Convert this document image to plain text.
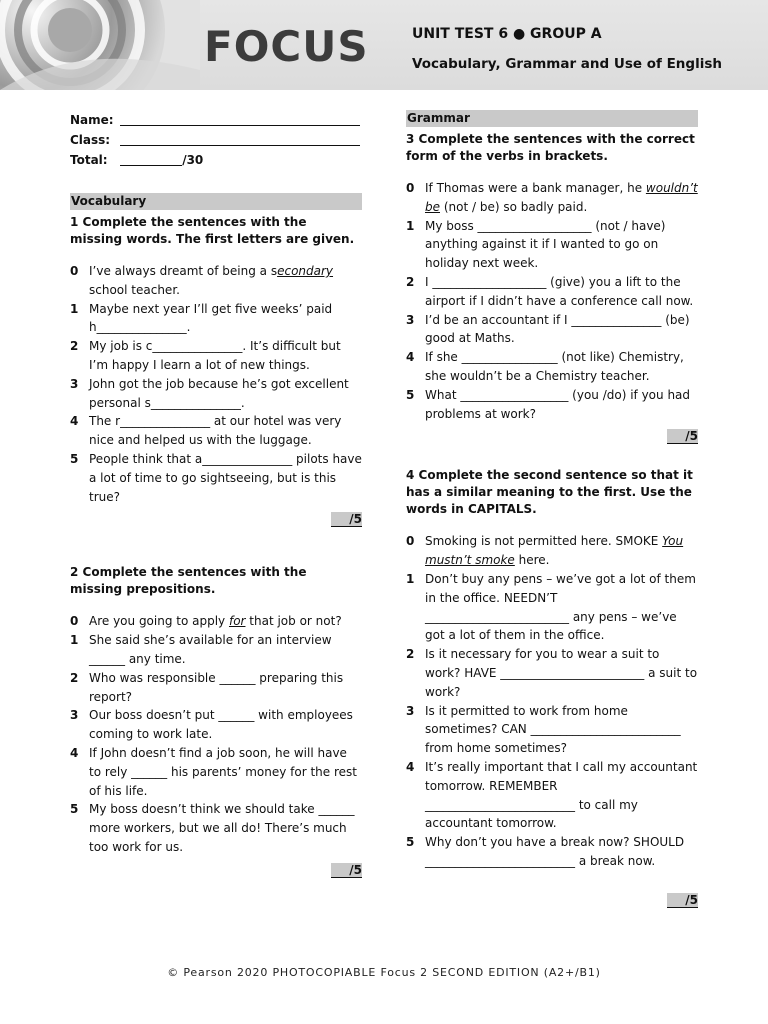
FOCUS	UNIT TEST 6 ● GROUP A
Vocabulary, Grammar and Use of English
Name:
Class:
Total:	/30
Vocabulary
1 Complete the sentences with the missing words. The first letters are given.
0 I’ve always dreamt of being a secondary school teacher.
1 Maybe next year I’ll get five weeks’ paid h_______________.
2 My job is c_______________. It’s difficult but I’m happy I learn a lot of new things.
3 John got the job because he’s got excellent personal s_______________.
4 The r_______________ at our hotel was very nice and helped us with the luggage.
5 People think that a_______________ pilots have a lot of time to go sightseeing, but is this true?
/5
2 Complete the sentences with the missing prepositions.
0 Are you going to apply for that job or not?
1 She said she’s available for an interview ______ any time.
2 Who was responsible ______ preparing this report?
3 Our boss doesn’t put ______ with employees coming to work late.
4 If John doesn’t find a job soon, he will have to rely ______ his parents’ money for the rest of his life.
5 My boss doesn’t think we should take ______ more workers, but we all do! There’s much too work for us.
/5
Grammar
3 Complete the sentences with the correct form of the verbs in brackets.
0 If Thomas were a bank manager, he wouldn’t be (not / be) so badly paid.
1 My boss ___________________ (not / have) anything against it if I wanted to go on holiday next week.
2 I ___________________ (give) you a lift to the airport if I didn’t have a conference call now.
3 I’d be an accountant if I _______________ (be) good at Maths.
4 If she ________________ (not like) Chemistry, she wouldn’t be a Chemistry teacher.
5 What __________________ (you /do) if you had problems at work?
/5
4 Complete the second sentence so that it has a similar meaning to the first. Use the words in CAPITALS.
0 Smoking is not permitted here. SMOKE You mustn’t smoke here.
1 Don’t buy any pens – we’ve got a lot of them in the office. NEEDN’T ________________________ any pens – we’ve got a lot of them in the office.
2 Is it necessary for you to wear a suit to work? HAVE ________________________ a suit to work?
3 Is it permitted to work from home sometimes? CAN _________________________ from home sometimes?
4 It’s really important that I call my accountant tomorrow. REMEMBER _________________________ to call my accountant tomorrow.
5 Why don’t you have a break now? SHOULD _________________________ a break now.
/5
© Pearson 2020 PHOTOCOPIABLE Focus 2 SECOND EDITION (A2+/B1)
